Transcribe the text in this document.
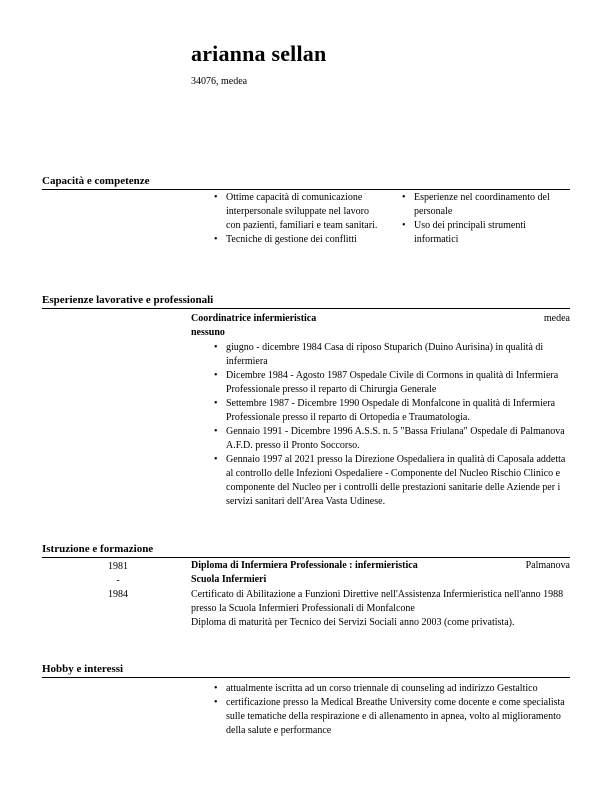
arianna sellan
34076, medea
Capacità e competenze
• Ottime capacità di comunicazione interpersonale sviluppate nel lavoro con pazienti, familiari e team sanitari.
• Tecniche di gestione dei conflitti
• Esperienze nel coordinamento del personale
• Uso dei principali strumenti informatici
Esperienze lavorative e professionali
Coordinatrice infermieristica	medea
nessuno
• giugno - dicembre 1984 Casa di riposo Stuparich (Duino Aurisina) in qualità di infermiera
• Dicembre 1984 - Agosto 1987 Ospedale Civile di Cormons in qualità di Infermiera Professionale presso il reparto di Chirurgia Generale
• Settembre 1987 - Dicembre 1990 Ospedale di Monfalcone in qualità di Infermiera Professionale presso il reparto di Ortopedia e Traumatologia.
• Gennaio 1991 - Dicembre 1996 A.S.S. n. 5 "Bassa Friulana" Ospedale di Palmanova A.F.D. presso il Pronto Soccorso.
• Gennaio 1997 al 2021 presso la Direzione Ospedaliera in qualità di Caposala addetta al controllo delle Infezioni Ospedaliere - Componente del Nucleo Rischio Clinico e componente del Nucleo per i controlli delle prestazioni sanitarie delle Aziende per i servizi sanitari dell'Area Vasta Udinese.
Istruzione e formazione
1981
-
1984
Diploma di Infermiera Professionale : infermieristica	Palmanova
Scuola Infermieri

Certificato di Abilitazione a Funzioni Direttive nell'Assistenza Infermieristica nell'anno 1988 presso la Scuola Infermieri Professionali di Monfalcone

Diploma di maturità per Tecnico dei Servizi Sociali anno 2003 (come privatista).

Hobby e interessi
• attualmente iscritta ad un corso triennale di counseling ad indirizzo Gestaltico
• certificazione presso la Medical Breathe University come docente e come specialista sulle tematiche della respirazione e di allenamento in apnea, volto al miglioramento della salute e performance
